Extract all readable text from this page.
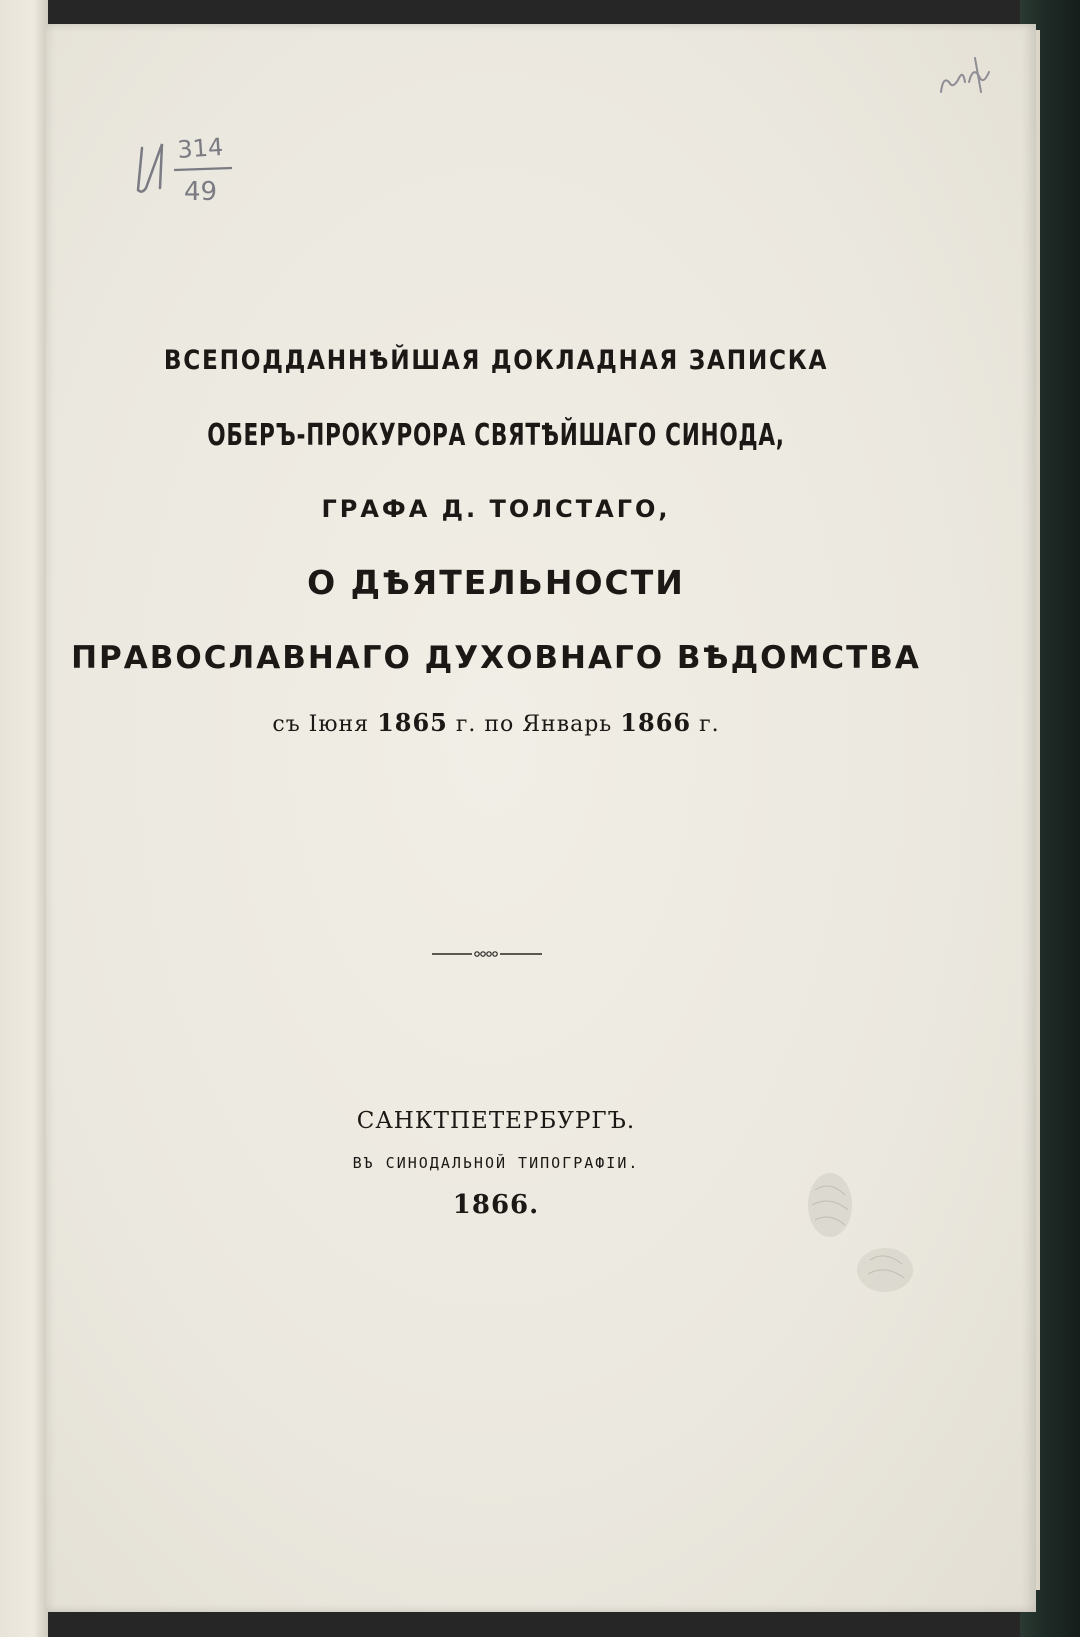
314
49
ВСЕПОДДАННѢЙШАЯ ДОКЛАДНАЯ ЗАПИСКА
ОБЕРЪ-ПРОКУРОРА СВЯТѢЙШАГО СИНОДА,
ГРАФА Д. ТОЛСТАГО,
О ДѢЯТЕЛЬНОСТИ
ПРАВОСЛАВНАГО ДУХОВНАГО ВѢДОМСТВА
съ Іюня 1865 г. по Январь 1866 г.
САНКТПЕТЕРБУРГЪ.
ВЪ СИНОДАЛЬНОЙ ТИПОГРАФІИ.
1866.
